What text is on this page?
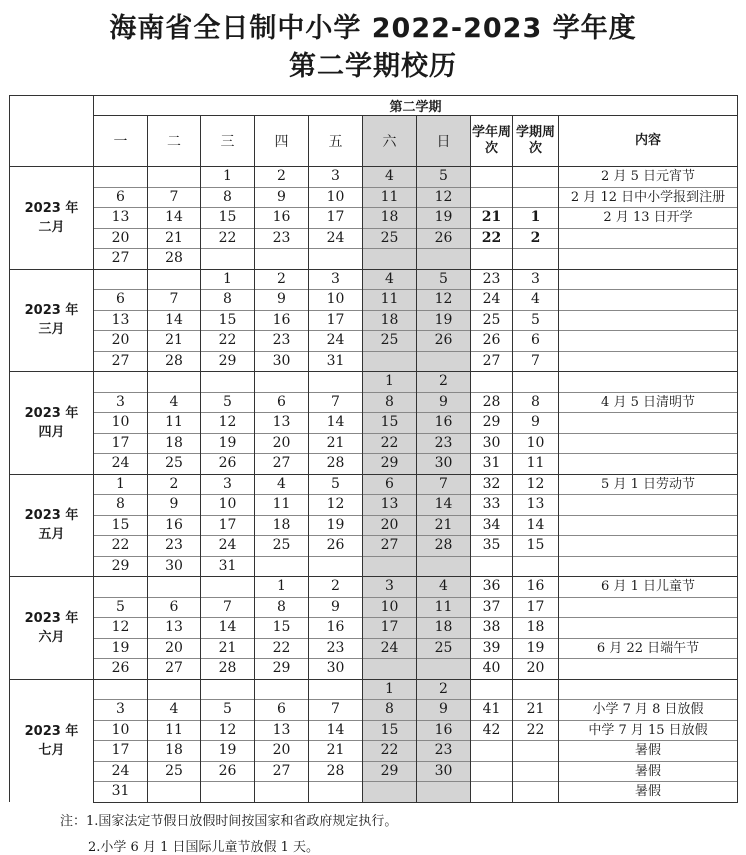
海南省全日制中小学 2022-2023 学年度
第二学期校历
	第二学期									
	一	二	三	四	五	六	日	学年周次	学期周次	内容

2023 年
二月			1	2	3	4	5			2 月 5 日元宵节
	6	7	8	9	10	11	12			2 月 12 日中小学报到注册
	13	14	15	16	17	18	19	21	1	2 月 13 日开学
	20	21	22	23	24	25	26	22	2	
	27	28								

2023 年
三月			1	2	3	4	5	23	3	
	6	7	8	9	10	11	12	24	4	
	13	14	15	16	17	18	19	25	5	
	20	21	22	23	24	25	26	26	6	
	27	28	29	30	31			27	7	

2023 年
四月						1	2			
	3	4	5	6	7	8	9	28	8	4 月 5 日清明节
	10	11	12	13	14	15	16	29	9	
	17	18	19	20	21	22	23	30	10	
	24	25	26	27	28	29	30	31	11	

2023 年
五月	1	2	3	4	5	6	7	32	12	5 月 1 日劳动节
	8	9	10	11	12	13	14	33	13	
	15	16	17	18	19	20	21	34	14	
	22	23	24	25	26	27	28	35	15	
	29	30	31							

2023 年
六月				1	2	3	4	36	16	6 月 1 日儿童节
	5	6	7	8	9	10	11	37	17	
	12	13	14	15	16	17	18	38	18	
	19	20	21	22	23	24	25	39	19	6 月 22 日端午节
	26	27	28	29	30			40	20	

2023 年
七月						1	2			
	3	4	5	6	7	8	9	41	21	小学 7 月 8 日放假
	10	11	12	13	14	15	16	42	22	中学 7 月 15 日放假
	17	18	19	20	21	22	23			暑假
	24	25	26	27	28	29	30			暑假
	31									暑假
注：1.国家法定节假日放假时间按国家和省政府规定执行。
2.小学 6 月 1 日国际儿童节放假 1 天。
